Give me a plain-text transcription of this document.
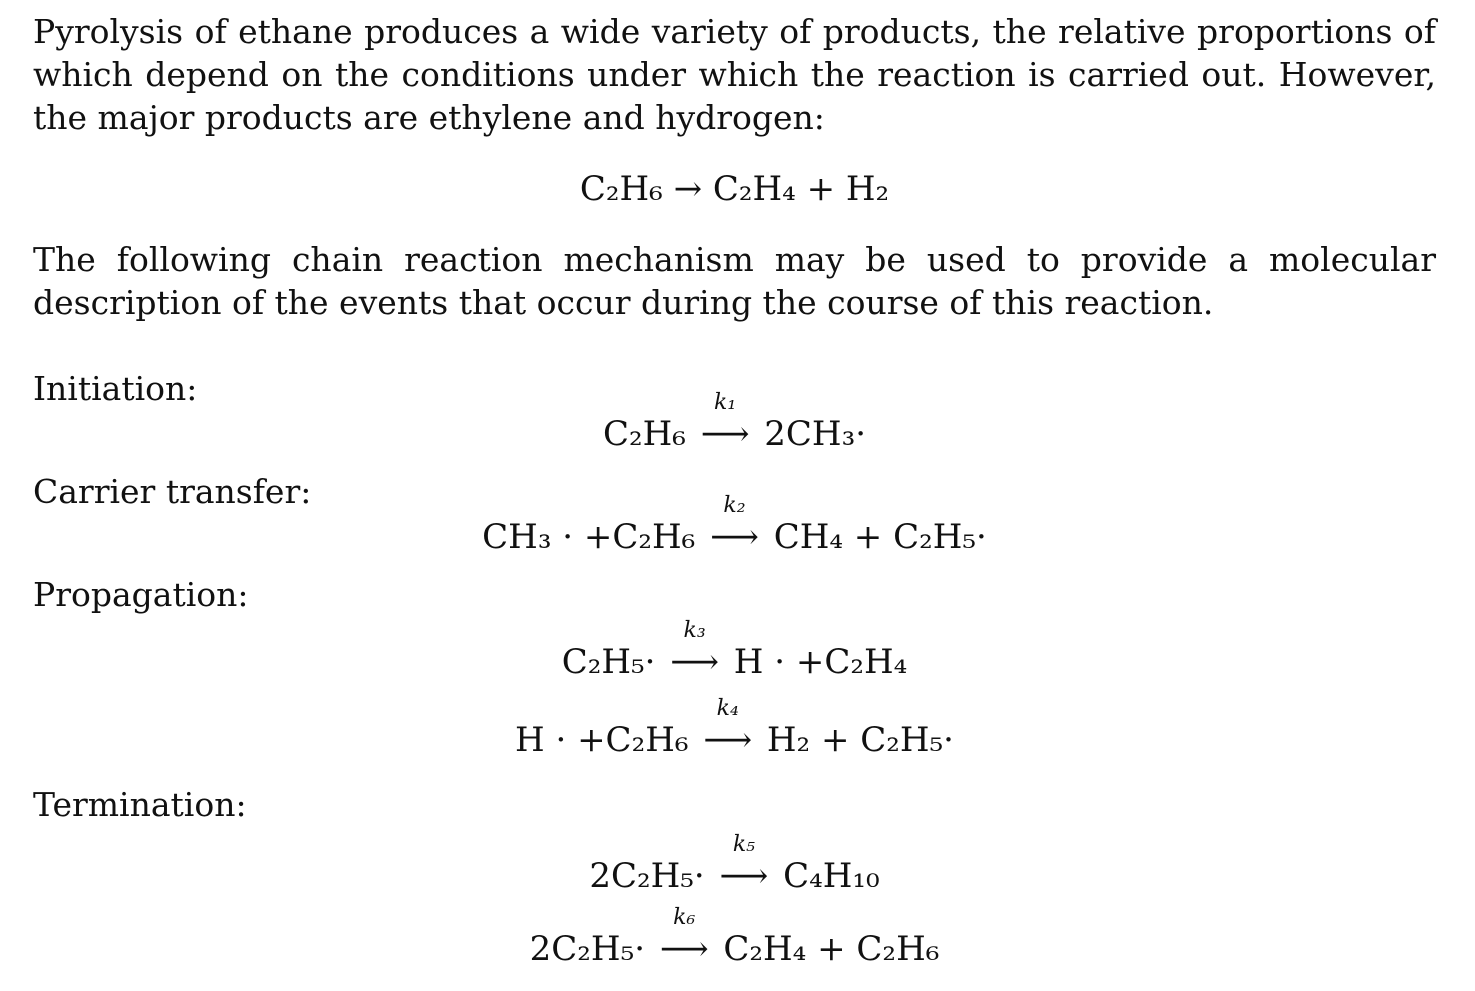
Pyrolysis of ethane produces a wide variety of products, the relative proportions of which depend on the conditions under which the reaction is carried out. However, the major products are ethylene and hydrogen:

C₂H₆ → C₂H₄ + H₂

The following chain reaction mechanism may be used to provide a molecular description of the events that occur during the course of this reaction.

Initiation:
C₂H₆
k₁
⟶ 2CH₃·
Carrier transfer:
CH₃ · +C₂H₆
k₂
⟶ CH₄ + C₂H₅·
Propagation:
C₂H₅·
k₃
⟶ H · +C₂H₄
H · +C₂H₆
k₄
⟶ H₂ + C₂H₅·
Termination:
2C₂H₅·
k₅
⟶ C₄H₁₀
2C₂H₅·
k₆
⟶ C₂H₄ + C₂H₆
